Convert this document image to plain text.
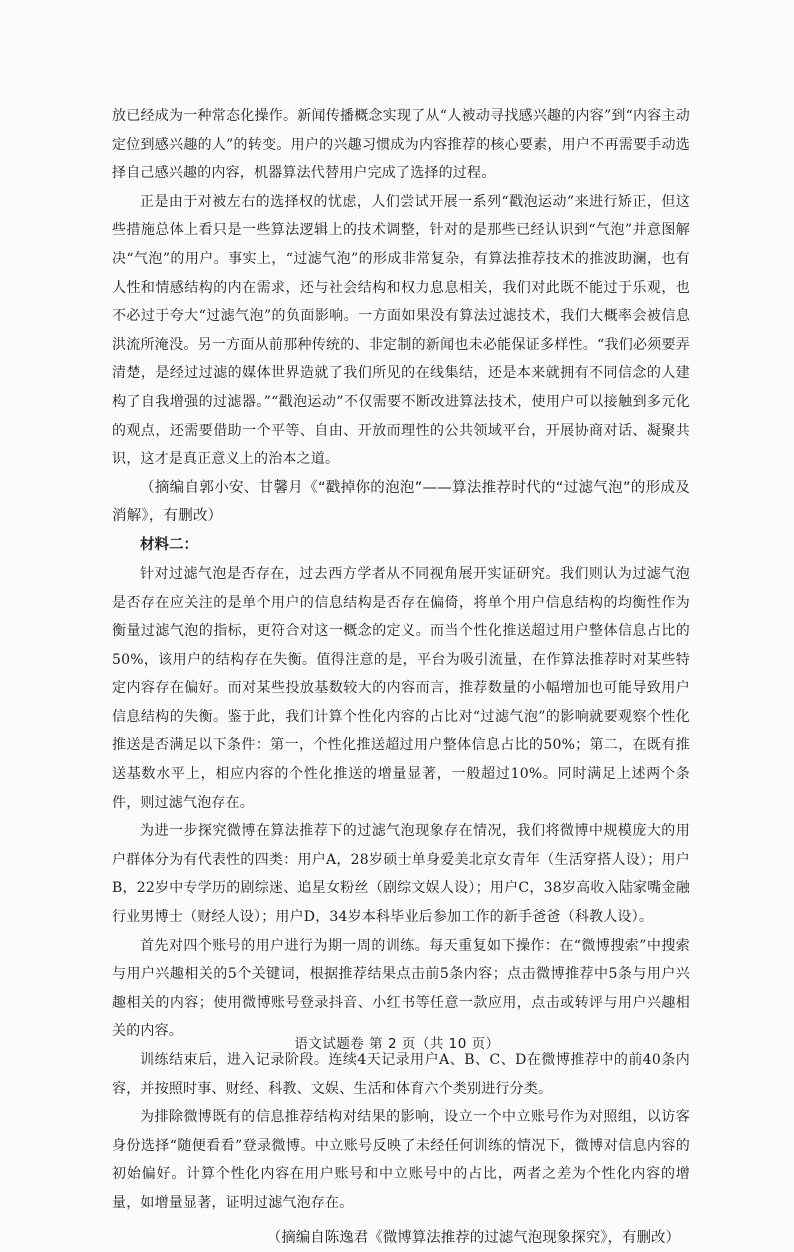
放已经成为一种常态化操作。新闻传播概念实现了从“人被动寻找感兴趣的内容”到“内容主动定位到感兴趣的人”的转变。用户的兴趣习惯成为内容推荐的核心要素，用户不再需要手动选择自己感兴趣的内容，机器算法代替用户完成了选择的过程。

正是由于对被左右的选择权的忧虑，人们尝试开展一系列“戳泡运动”来进行矫正，但这些措施总体上看只是一些算法逻辑上的技术调整，针对的是那些已经认识到“气泡”并意图解决“气泡”的用户。事实上，“过滤气泡”的形成非常复杂，有算法推荐技术的推波助澜，也有人性和情感结构的内在需求，还与社会结构和权力息息相关，我们对此既不能过于乐观，也不必过于夸大“过滤气泡”的负面影响。一方面如果没有算法过滤技术，我们大概率会被信息洪流所淹没。另一方面从前那种传统的、非定制的新闻也未必能保证多样性。“我们必须要弄清楚，是经过过滤的媒体世界造就了我们所见的在线集结，还是本来就拥有不同信念的人建构了自我增强的过滤器。”“戳泡运动”不仅需要不断改进算法技术，使用户可以接触到多元化的观点，还需要借助一个平等、自由、开放而理性的公共领域平台，开展协商对话、凝聚共识，这才是真正意义上的治本之道。

（摘编自郭小安、甘馨月《“戳掉你的泡泡”——算法推荐时代的“过滤气泡”的形成及消解》，有删改）

材料二：

针对过滤气泡是否存在，过去西方学者从不同视角展开实证研究。我们则认为过滤气泡是否存在应关注的是单个用户的信息结构是否存在偏倚，将单个用户信息结构的均衡性作为衡量过滤气泡的指标，更符合对这一概念的定义。而当个性化推送超过用户整体信息占比的50%，该用户的结构存在失衡。值得注意的是，平台为吸引流量，在作算法推荐时对某些特定内容存在偏好。而对某些投放基数较大的内容而言，推荐数量的小幅增加也可能导致用户信息结构的失衡。鉴于此，我们计算个性化内容的占比对“过滤气泡”的影响就要观察个性化推送是否满足以下条件：第一，个性化推送超过用户整体信息占比的50%；第二，在既有推送基数水平上，相应内容的个性化推送的增量显著，一般超过10%。同时满足上述两个条件，则过滤气泡存在。

为进一步探究微博在算法推荐下的过滤气泡现象存在情况，我们将微博中规模庞大的用户群体分为有代表性的四类：用户A，28岁硕士单身爱美北京女青年（生活穿搭人设）；用户B，22岁中专学历的剧综迷、追星女粉丝（剧综文娱人设）；用户C，38岁高收入陆家嘴金融行业男博士（财经人设）；用户D，34岁本科毕业后参加工作的新手爸爸（科教人设）。

首先对四个账号的用户进行为期一周的训练。每天重复如下操作：在“微博搜索”中搜索与用户兴趣相关的5个关键词，根据推荐结果点击前5条内容；点击微博推荐中5条与用户兴趣相关的内容；使用微博账号登录抖音、小红书等任意一款应用，点击或转评与用户兴趣相关的内容。

训练结束后，进入记录阶段。连续4天记录用户A、B、C、D在微博推荐中的前40条内容，并按照时事、财经、科教、文娱、生活和体育六个类别进行分类。

为排除微博既有的信息推荐结构对结果的影响，设立一个中立账号作为对照组，以访客身份选择“随便看看”登录微博。中立账号反映了未经任何训练的情况下，微博对信息内容的初始偏好。计算个性化内容在用户账号和中立账号中的占比，两者之差为个性化内容的增量，如增量显著，证明过滤气泡存在。

（摘编自陈逸君《微博算法推荐的过滤气泡现象探究》，有删改）

语文试题卷 第 2 页（共 10 页）
